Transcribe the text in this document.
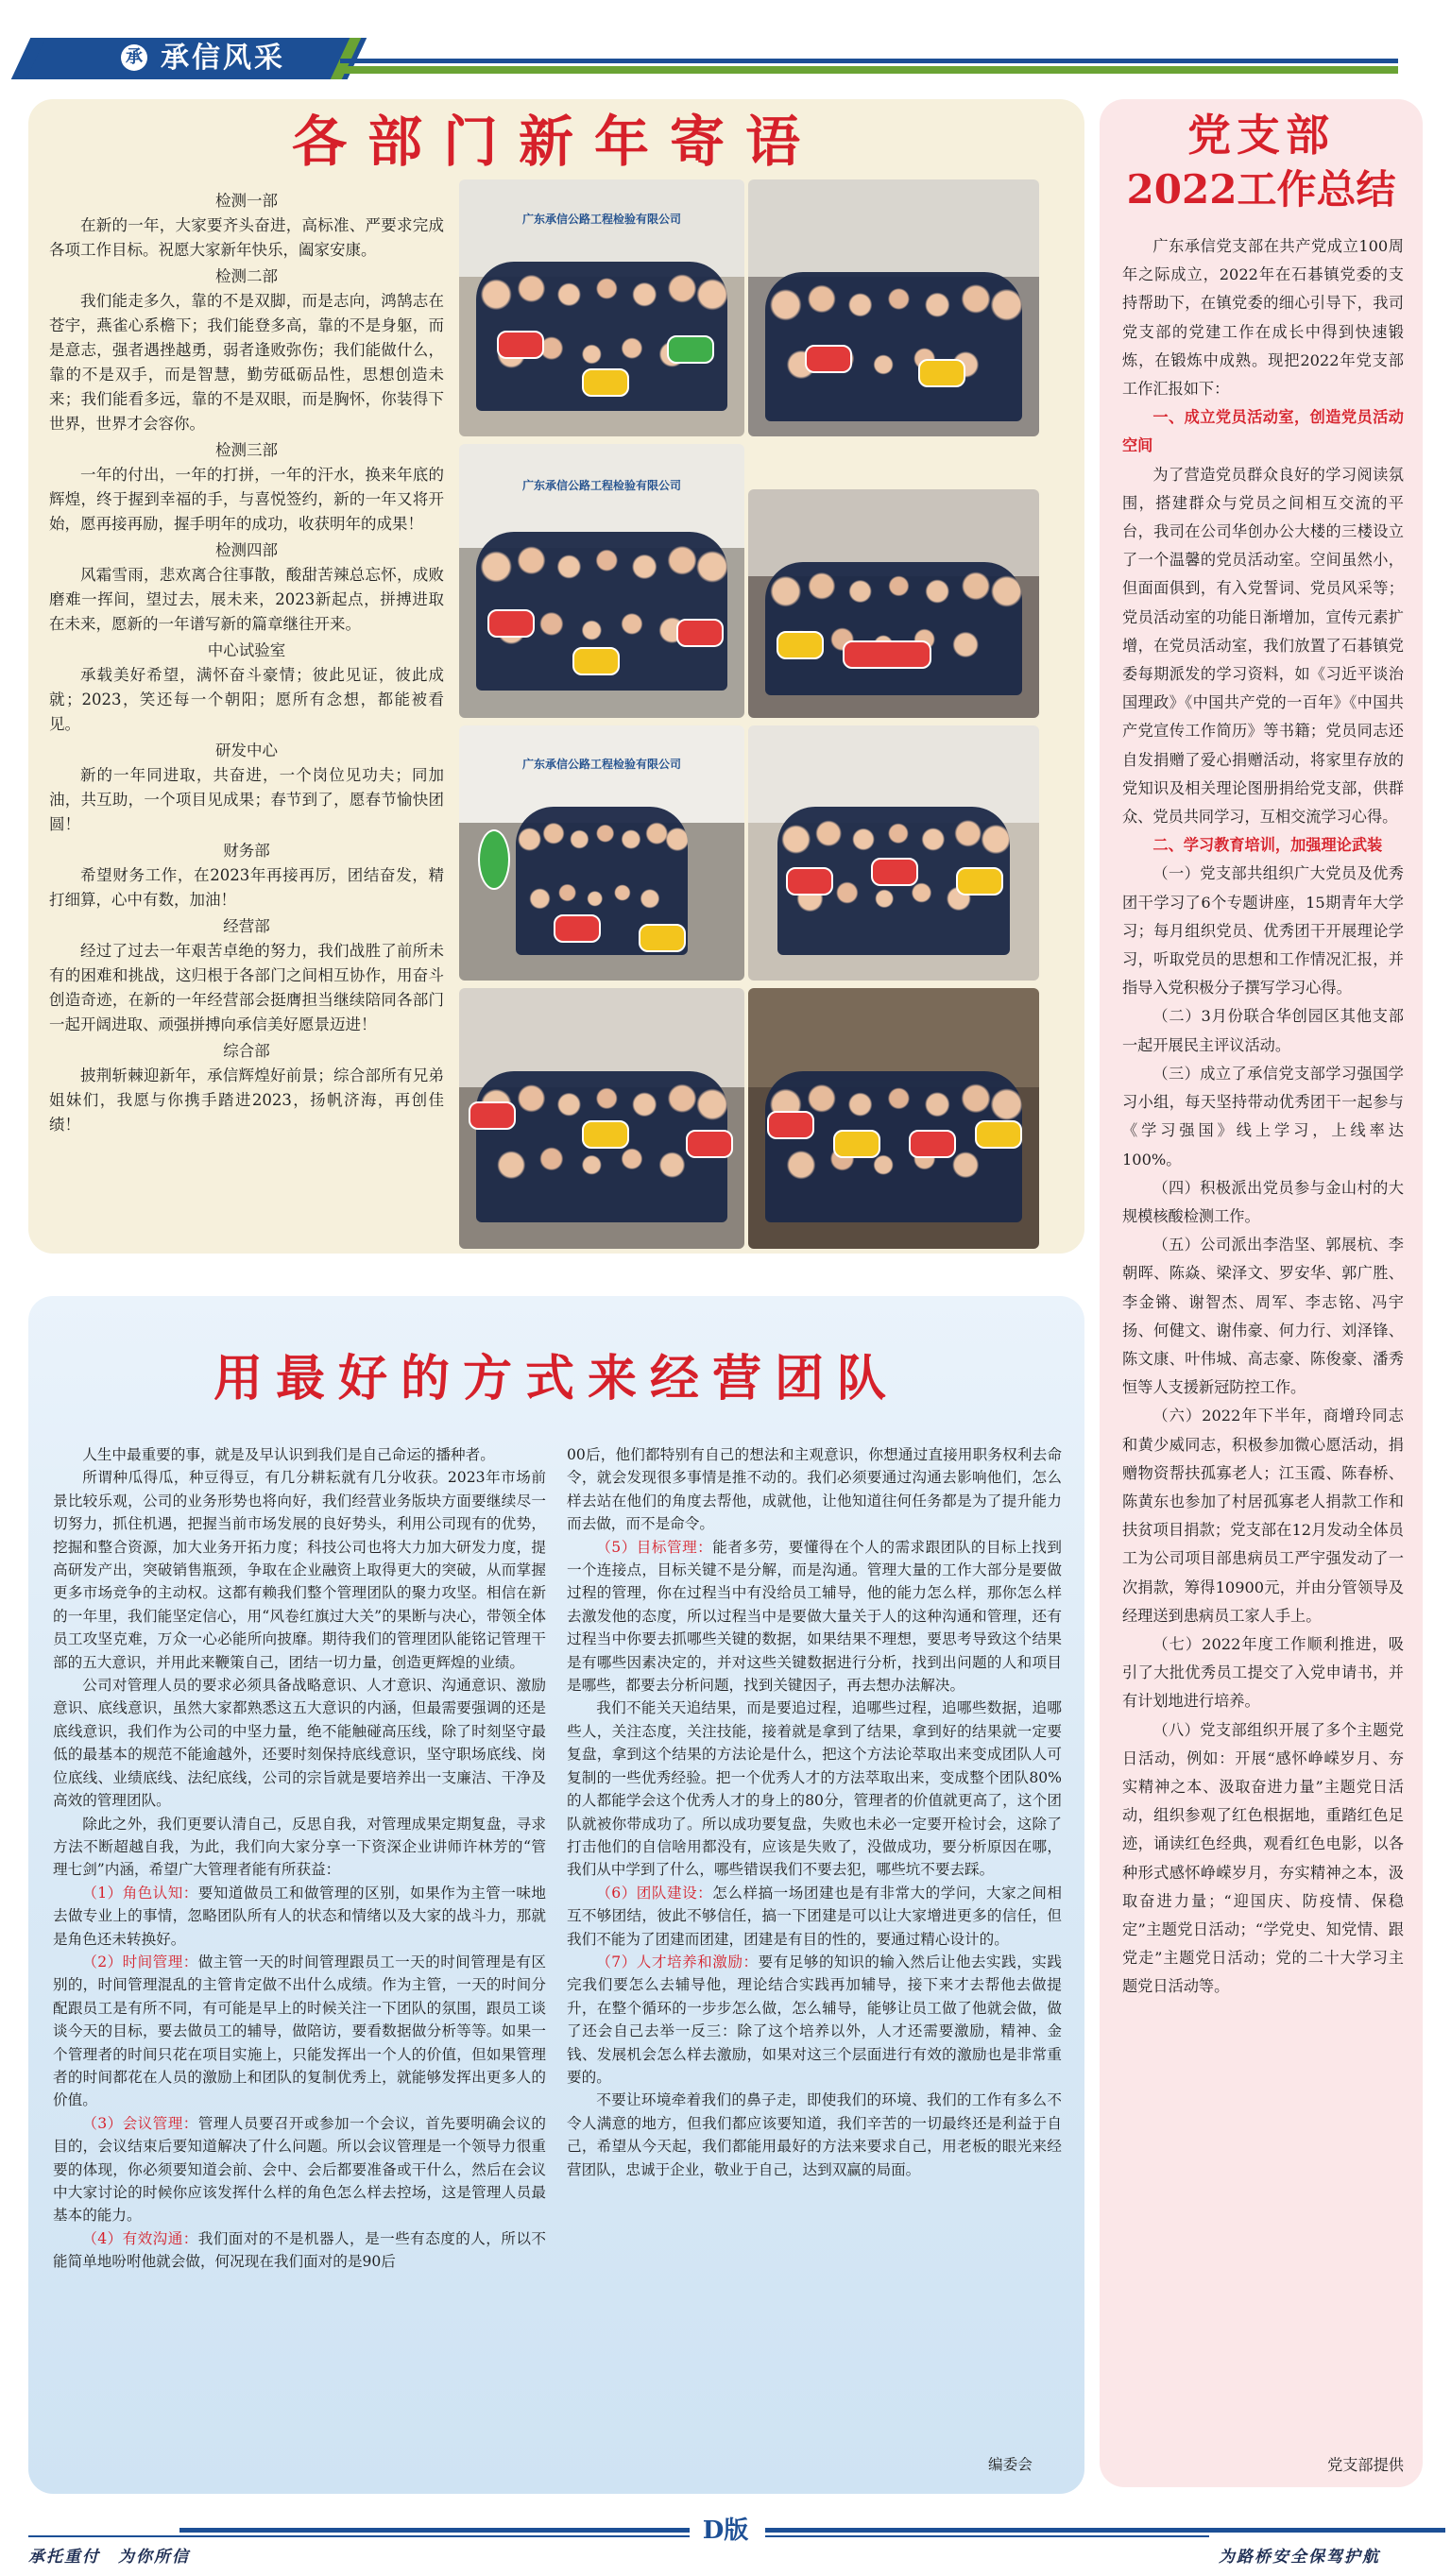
承 承信风采
各部门新年寄语
检测一部
在新的一年，大家要齐头奋进，高标准、严要求完成各项工作目标。祝愿大家新年快乐，阖家安康。
检测二部
我们能走多久，靠的不是双脚，而是志向，鸿鹄志在苍宇，燕雀心系檐下；我们能登多高，靠的不是身躯，而是意志，强者遇挫越勇，弱者逢败弥伤；我们能做什么，靠的不是双手，而是智慧，勤劳砥砺品性，思想创造未来；我们能看多远，靠的不是双眼，而是胸怀，你装得下世界，世界才会容你。
检测三部
一年的付出，一年的打拼，一年的汗水，换来年底的辉煌，终于握到幸福的手，与喜悦签约，新的一年又将开始，愿再接再励，握手明年的成功，收获明年的成果！
检测四部
风霜雪雨，悲欢离合往事散，酸甜苦辣总忘怀，成败磨难一挥间，望过去，展未来，2023新起点，拼搏进取在未来，愿新的一年谱写新的篇章继往开来。
中心试验室
承载美好希望，满怀奋斗豪情；彼此见证，彼此成就；2023，笑还每一个朝阳；愿所有念想，都能被看见。
研发中心
新的一年同进取，共奋进，一个岗位见功夫；同加油，共互助，一个项目见成果；春节到了，愿春节愉快团圆！
财务部
希望财务工作，在2023年再接再厉，团结奋发，精打细算，心中有数，加油！
经营部
经过了过去一年艰苦卓绝的努力，我们战胜了前所未有的困难和挑战，这归根于各部门之间相互协作，用奋斗创造奇迹，在新的一年经营部会挺膺担当继续陪同各部门一起开阔进取、顽强拼搏向承信美好愿景迈进！
综合部
披荆斩棘迎新年，承信辉煌好前景；综合部所有兄弟姐妹们，我愿与你携手踏进2023，扬帆济海，再创佳绩！
广东承信公路工程检验有限公司
广东承信公路工程检验有限公司
广东承信公路工程检验有限公司
用最好的方式来经营团队

人生中最重要的事，就是及早认识到我们是自己命运的播种者。

所谓种瓜得瓜，种豆得豆，有几分耕耘就有几分收获。2023年市场前景比较乐观，公司的业务形势也将向好，我们经营业务版块方面要继续尽一切努力，抓住机遇，把握当前市场发展的良好势头，利用公司现有的优势，挖掘和整合资源，加大业务开拓力度；科技公司也将大力加大研发力度，提高研发产出，突破销售瓶颈，争取在企业融资上取得更大的突破，从而掌握更多市场竞争的主动权。这都有赖我们整个管理团队的聚力攻坚。相信在新的一年里，我们能坚定信心，用“风卷红旗过大关”的果断与决心，带领全体员工攻坚克难，万众一心必能所向披靡。期待我们的管理团队能铭记管理干部的五大意识，并用此来鞭策自己，团结一切力量，创造更辉煌的业绩。

公司对管理人员的要求必须具备战略意识、人才意识、沟通意识、激励意识、底线意识，虽然大家都熟悉这五大意识的内涵，但最需要强调的还是底线意识，我们作为公司的中坚力量，绝不能触碰高压线，除了时刻坚守最低的最基本的规范不能逾越外，还要时刻保持底线意识，坚守职场底线、岗位底线、业绩底线、法纪底线，公司的宗旨就是要培养出一支廉洁、干净及高效的管理团队。

除此之外，我们更要认清自己，反思自我，对管理成果定期复盘，寻求方法不断超越自我，为此，我们向大家分享一下资深企业讲师许林芳的“管理七剑”内涵，希望广大管理者能有所获益：

（1）角色认知：要知道做员工和做管理的区别，如果作为主管一味地去做专业上的事情，忽略团队所有人的状态和情绪以及大家的战斗力，那就是角色还未转换好。

（2）时间管理：做主管一天的时间管理跟员工一天的时间管理是有区别的，时间管理混乱的主管肯定做不出什么成绩。作为主管，一天的时间分配跟员工是有所不同，有可能是早上的时候关注一下团队的氛围，跟员工谈谈今天的目标，要去做员工的辅导，做陪访，要看数据做分析等等。如果一个管理者的时间只花在项目实施上，只能发挥出一个人的价值，但如果管理者的时间都花在人员的激励上和团队的复制优秀上，就能够发挥出更多人的价值。

（3）会议管理：管理人员要召开或参加一个会议，首先要明确会议的目的，会议结束后要知道解决了什么问题。所以会议管理是一个领导力很重要的体现，你必须要知道会前、会中、会后都要准备或干什么，然后在会议中大家讨论的时候你应该发挥什么样的角色怎么样去控场，这是管理人员最基本的能力。

（4）有效沟通：我们面对的不是机器人，是一些有态度的人，所以不能简单地吩咐他就会做，何况现在我们面对的是90后

00后，他们都特别有自己的想法和主观意识，你想通过直接用职务权利去命令，就会发现很多事情是推不动的。我们必须要通过沟通去影响他们，怎么样去站在他们的角度去帮他，成就他，让他知道往何任务都是为了提升能力而去做，而不是命令。

（5）目标管理：能者多劳，要懂得在个人的需求跟团队的目标上找到一个连接点，目标关键不是分解，而是沟通。管理大量的工作大部分是要做过程的管理，你在过程当中有没给员工辅导，他的能力怎么样，那你怎么样去激发他的态度，所以过程当中是要做大量关于人的这种沟通和管理，还有过程当中你要去抓哪些关键的数据，如果结果不理想，要思考导致这个结果是有哪些因素决定的，并对这些关键数据进行分析，找到出问题的人和项目是哪些，都要去分析问题，找到关键因子，再去想办法解决。

我们不能关天追结果，而是要追过程，追哪些过程，追哪些数据，追哪些人，关注态度，关注技能，接着就是拿到了结果，拿到好的结果就一定要复盘，拿到这个结果的方法论是什么，把这个方法论萃取出来变成团队人可复制的一些优秀经验。把一个优秀人才的方法萃取出来，变成整个团队80%的人都能学会这个优秀人才的身上的80分，管理者的价值就更高了，这个团队就被你带成功了。所以成功要复盘，失败也未必一定要开检讨会，这除了打击他们的自信啥用都没有，应该是失败了，没做成功，要分析原因在哪，我们从中学到了什么，哪些错误我们不要去犯，哪些坑不要去踩。

（6）团队建设：怎么样搞一场团建也是有非常大的学问，大家之间相互不够团结，彼此不够信任，搞一下团建是可以让大家增进更多的信任，但我们不能为了团建而团建，团建是有目的性的，要通过精心设计的。

（7）人才培养和激励：要有足够的知识的输入然后让他去实践，实践完我们要怎么去辅导他，理论结合实践再加辅导，接下来才去帮他去做提升，在整个循环的一步步怎么做，怎么辅导，能够让员工做了他就会做，做了还会自己去举一反三：除了这个培养以外，人才还需要激励，精神、金钱、发展机会怎么样去激励，如果对这三个层面进行有效的激励也是非常重要的。

不要让环境牵着我们的鼻子走，即使我们的环境、我们的工作有多么不令人满意的地方，但我们都应该要知道，我们辛苦的一切最终还是利益于自己，希望从今天起，我们都能用最好的方法来要求自己，用老板的眼光来经营团队，忠诚于企业，敬业于自己，达到双赢的局面。

编委会
党支部
2022工作总结

广东承信党支部在共产党成立100周年之际成立，2022年在石碁镇党委的支持帮助下，在镇党委的细心引导下，我司党支部的党建工作在成长中得到快速锻炼，在锻炼中成熟。现把2022年党支部工作汇报如下：

一、成立党员活动室，创造党员活动空间

为了营造党员群众良好的学习阅读氛围，搭建群众与党员之间相互交流的平台，我司在公司华创办公大楼的三楼设立了一个温馨的党员活动室。空间虽然小，但面面俱到，有入党誓词、党员风采等；党员活动室的功能日渐增加，宣传元素扩增，在党员活动室，我们放置了石碁镇党委每期派发的学习资料，如《习近平谈治国理政》《中国共产党的一百年》《中国共产党宣传工作简历》等书籍；党员同志还自发捐赠了爱心捐赠活动，将家里存放的党知识及相关理论图册捐给党支部，供群众、党员共同学习，互相交流学习心得。

二、学习教育培训，加强理论武装

（一）党支部共组织广大党员及优秀团干学习了6个专题讲座，15期青年大学习；每月组织党员、优秀团干开展理论学习，听取党员的思想和工作情况汇报，并指导入党积极分子撰写学习心得。

（二）3月份联合华创园区其他支部一起开展民主评议活动。

（三）成立了承信党支部学习强国学习小组，每天坚持带动优秀团干一起参与《学习强国》线上学习，上线率达100%。

（四）积极派出党员参与金山村的大规模核酸检测工作。

（五）公司派出李浩坚、郭展杭、李朝晖、陈焱、梁泽文、罗安华、郭广胜、李金锵、谢智杰、周军、李志铭、冯宇扬、何健文、谢伟豪、何力行、刘泽锋、陈文康、叶伟城、高志豪、陈俊豪、潘秀恒等人支援新冠防控工作。

（六）2022年下半年，商增玲同志和黄少威同志，积极参加微心愿活动，捐赠物资帮扶孤寡老人；江玉霞、陈春桥、陈黄东也参加了村居孤寡老人捐款工作和扶贫项目捐款；党支部在12月发动全体员工为公司项目部患病员工严宇强发动了一次捐款，筹得10900元，并由分管领导及经理送到患病员工家人手上。

（七）2022年度工作顺利推进，吸引了大批优秀员工提交了入党申请书，并有计划地进行培养。

（八）党支部组织开展了多个主题党日活动，例如：开展“感怀峥嵘岁月、夯实精神之本、汲取奋进力量”主题党日活动，组织参观了红色根据地，重踏红色足迹，诵读红色经典，观看红色电影，以各种形式感怀峥嵘岁月，夯实精神之本，汲取奋进力量；“迎国庆、防疫情、保稳定”主题党日活动；“学党史、知党情、跟党走”主题党日活动；党的二十大学习主题党日活动等。

党支部提供
承托重付　为你所信
D版
为路桥安全保驾护航
